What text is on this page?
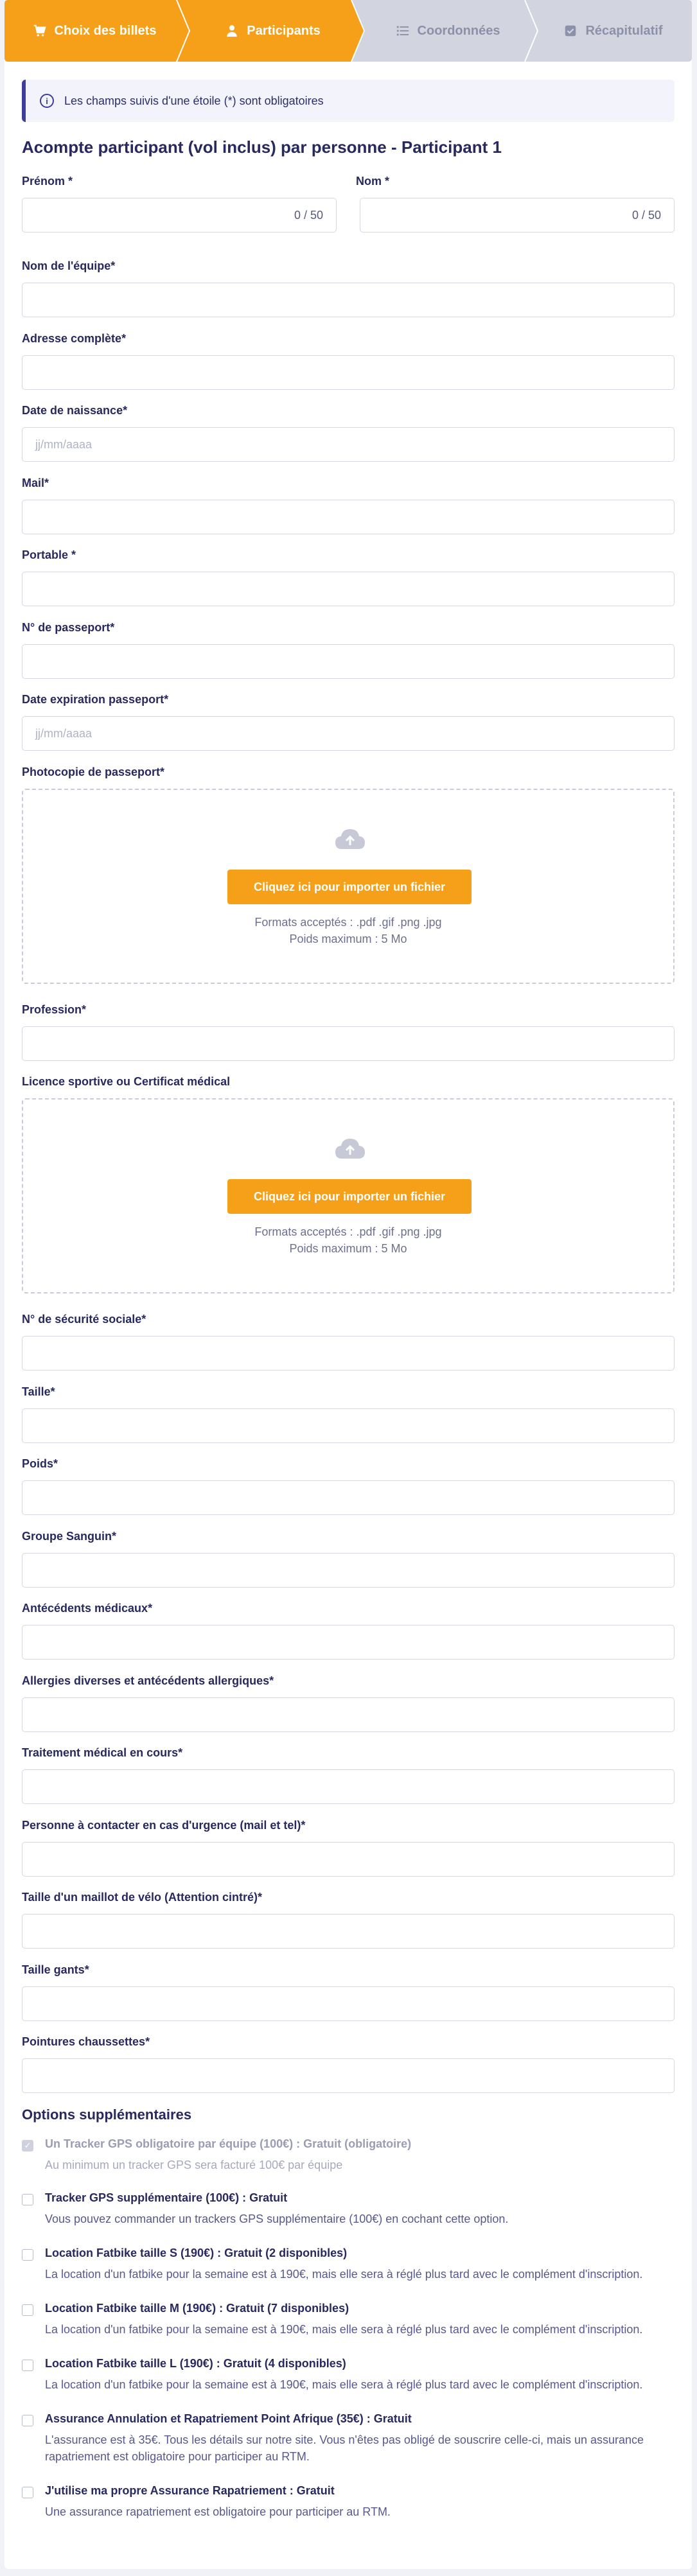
Choix des billets	Participants	Coordonnées	Récapitulatif
i	Les champs suivis d'une étoile (*) sont obligatoires
Acompte participant (vol inclus) par personne - Participant 1
Prénom *	Nom *
0 / 50	0 / 50
Nom de l'équipe*
Adresse complète*
Date de naissance*
jj/mm/aaaa
Mail*
Portable *
N° de passeport*
Date expiration passeport*
jj/mm/aaaa
Photocopie de passeport*
Cliquez ici pour importer un fichier
Formats acceptés : .pdf .gif .png .jpg
Poids maximum : 5 Mo
Profession*
Licence sportive ou Certificat médical
Cliquez ici pour importer un fichier
Formats acceptés : .pdf .gif .png .jpg
Poids maximum : 5 Mo
N° de sécurité sociale*
Taille*
Poids*
Groupe Sanguin*
Antécédents médicaux*
Allergies diverses et antécédents allergiques*
Traitement médical en cours*
Personne à contacter en cas d'urgence (mail et tel)*
Taille d'un maillot de vélo (Attention cintré)*
Taille gants*
Pointures chaussettes*
Options supplémentaires
✓ Un Tracker GPS obligatoire par équipe (100€) : Gratuit (obligatoire)
Au minimum un tracker GPS sera facturé 100€ par équipe
Tracker GPS supplémentaire (100€) : Gratuit
Vous pouvez commander un trackers GPS supplémentaire (100€) en cochant cette option.
Location Fatbike taille S (190€) : Gratuit (2 disponibles)
La location d'un fatbike pour la semaine est à 190€, mais elle sera à réglé plus tard avec le complément d'inscription.
Location Fatbike taille M (190€) : Gratuit (7 disponibles)
La location d'un fatbike pour la semaine est à 190€, mais elle sera à réglé plus tard avec le complément d'inscription.
Location Fatbike taille L (190€) : Gratuit (4 disponibles)
La location d'un fatbike pour la semaine est à 190€, mais elle sera à réglé plus tard avec le complément d'inscription.
Assurance Annulation et Rapatriement Point Afrique (35€) : Gratuit
L'assurance est à 35€. Tous les détails sur notre site. Vous n'êtes pas obligé de souscrire celle-ci, mais un assurance rapatriement est obligatoire pour participer au RTM.
J'utilise ma propre Assurance Rapatriement : Gratuit
Une assurance rapatriement est obligatoire pour participer au RTM.
